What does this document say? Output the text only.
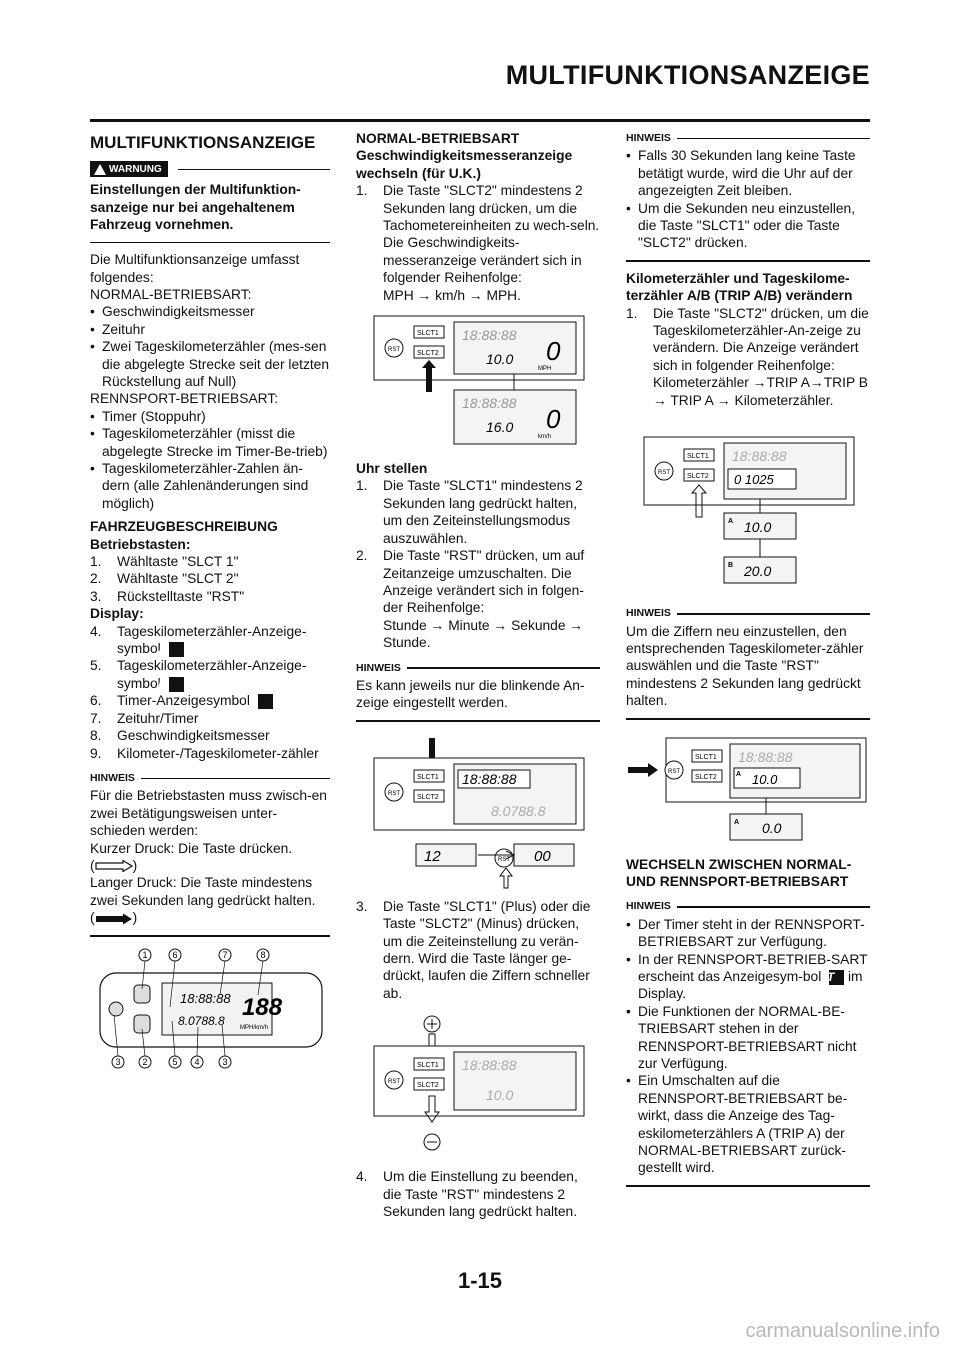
MULTIFUNKTIONSANZEIGE
MULTIFUNKTIONSANZEIGE
WARNUNG
Einstellungen der Multifunktion-sanzeige nur bei angehaltenem Fahrzeug vornehmen.
Die Multifunktionsanzeige umfasst folgendes:
NORMAL-BETRIEBSART:
• Geschwindigkeitsmesser
• Zeituhr
• Zwei Tageskilometerzähler (mes-sen die abgelegte Strecke seit der letzten Rückstellung auf Null)
RENNSPORT-BETRIEBSART:
• Timer (Stoppuhr)
• Tageskilometerzähler (misst die abgelegte Strecke im Timer-Be-trieb)
• Tageskilometerzähler-Zahlen än-dern (alle Zahlenänderungen sind möglich)
FAHRZEUGBESCHREIBUNG
Betriebstasten:
1. Wähltaste "SLCT 1"
2. Wähltaste "SLCT 2"
3. Rückstelltaste "RST"
Display:
4. Tageskilometerzähler-Anzeige-symbol A
5. Tageskilometerzähler-Anzeige-symbol B
6. Timer-Anzeigesymbol T
7. Zeituhr/Timer
8. Geschwindigkeitsmesser
9. Kilometer-/Tageskilometer-zähler
HINWEIS
Für die Betriebstasten muss zwisch-en zwei Betätigungsweisen unter-schieden werden:
Kurzer Druck: Die Taste drücken.
(	)
Langer Druck: Die Taste mindestens zwei Sekunden lang gedrückt halten.
(	)
1	6	7	8
3 2	5 4	3
18:88:88
8.0788.8 188
MPH/km/h
NORMAL-BETRIEBSART
Geschwindigkeitsmesseranzeige wechseln (für U.K.)
1. Die Taste "SLCT2" mindestens 2 Sekunden lang drücken, um die Tachometereinheiten zu wech-seln. Die Geschwindigkeits-messeranzeige verändert sich in folgender Reihenfolge:
MPH → km/h → MPH.
RST
SLCT1
SLCT2
18:88:88
10.0 0
MPH
18:88:88
16.0 0
km/h
Uhr stellen
1. Die Taste "SLCT1" mindestens 2 Sekunden lang gedrückt halten, um den Zeiteinstellungsmodus auszuwählen.
2. Die Taste "RST" drücken, um auf Zeitanzeige umzuschalten. Die Anzeige verändert sich in folgen-der Reihenfolge:
Stunde → Minute → Sekunde → Stunde.
HINWEIS
Es kann jeweils nur die blinkende An-zeige eingestellt werden.
RST
SLCT1
SLCT2
18:88:88
8.0788.8
12	00
RST
3. Die Taste "SLCT1" (Plus) oder die Taste "SLCT2" (Minus) drücken, um die Zeiteinstellung zu verän-dern. Wird die Taste länger ge-drückt, laufen die Ziffern schneller ab.
RST
SLCT1
SLCT2
18:88:88
10.0
4. Um die Einstellung zu beenden, die Taste "RST" mindestens 2 Sekunden lang gedrückt halten.
HINWEIS
• Falls 30 Sekunden lang keine Taste betätigt wurde, wird die Uhr auf der angezeigten Zeit bleiben.
• Um die Sekunden neu einzustellen, die Taste "SLCT1" oder die Taste "SLCT2" drücken.
Kilometerzähler und Tageskilome-terzähler A/B (TRIP A/B) verändern
1. Die Taste "SLCT2" drücken, um die Tageskilometerzähler-An-zeige zu verändern. Die Anzeige verändert sich in folgender Reihenfolge:
Kilometerzähler →TRIP A→TRIP B → TRIP A → Kilometerzähler.
RST
SLCT1
SLCT2
18:88:88
0 1025
A 10.0
B 20.0
HINWEIS
Um die Ziffern neu einzustellen, den entsprechenden Tageskilometer-zähler auswählen und die Taste "RST" mindestens 2 Sekunden lang gedrückt halten.
RST
SLCT1
SLCT2
18:88:88
A 10.0
A 0.0
WECHSELN ZWISCHEN NORMAL- UND RENNSPORT-BETRIEBSART
HINWEIS
• Der Timer steht in der RENNSPORT- BETRIEBSART zur Verfügung.
• In der RENNSPORT-BETRIEB-SART erscheint das Anzeigesym-bol T im Display.
• Die Funktionen der NORMAL-BE-TRIEBSART stehen in der RENNSPORT-BETRIEBSART nicht zur Verfügung.
• Ein Umschalten auf die RENNSPORT-BETRIEBSART be-wirkt, dass die Anzeige des Tag-eskilometerzählers A (TRIP A) der NORMAL-BETRIEBSART zurück-gestellt wird.
1-15
carmanualsonline.info
